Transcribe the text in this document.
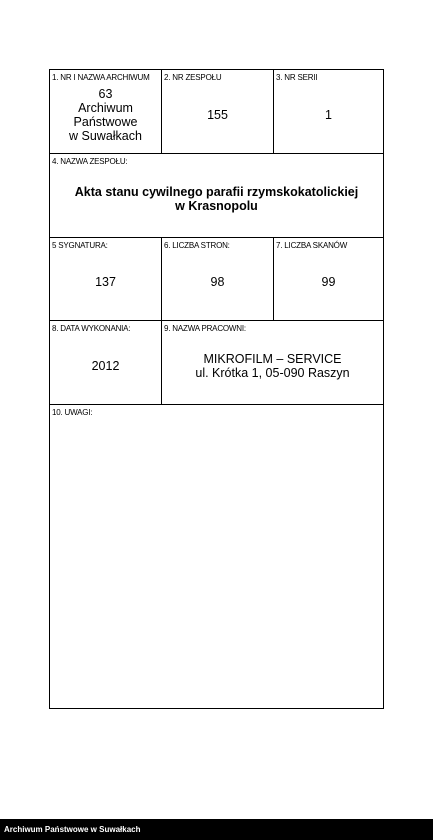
1. NR I NAZWA ARCHIWUM
63
Archiwum Państwowe
w Suwałkach
2. NR ZESPOŁU
155
3. NR SERII
1
4. NAZWA ZESPOŁU:
Akta stanu cywilnego parafii rzymskokatolickiej
w Krasnopolu
5 SYGNATURA:
137
6. LICZBA STRON:
98
7. LICZBA SKANÓW
99
8. DATA WYKONANIA:
2012
9. NAZWA PRACOWNI:
MIKROFILM – SERVICE
ul. Krótka 1, 05-090 Raszyn
10. UWAGI:
Archiwum Państwowe w Suwałkach
